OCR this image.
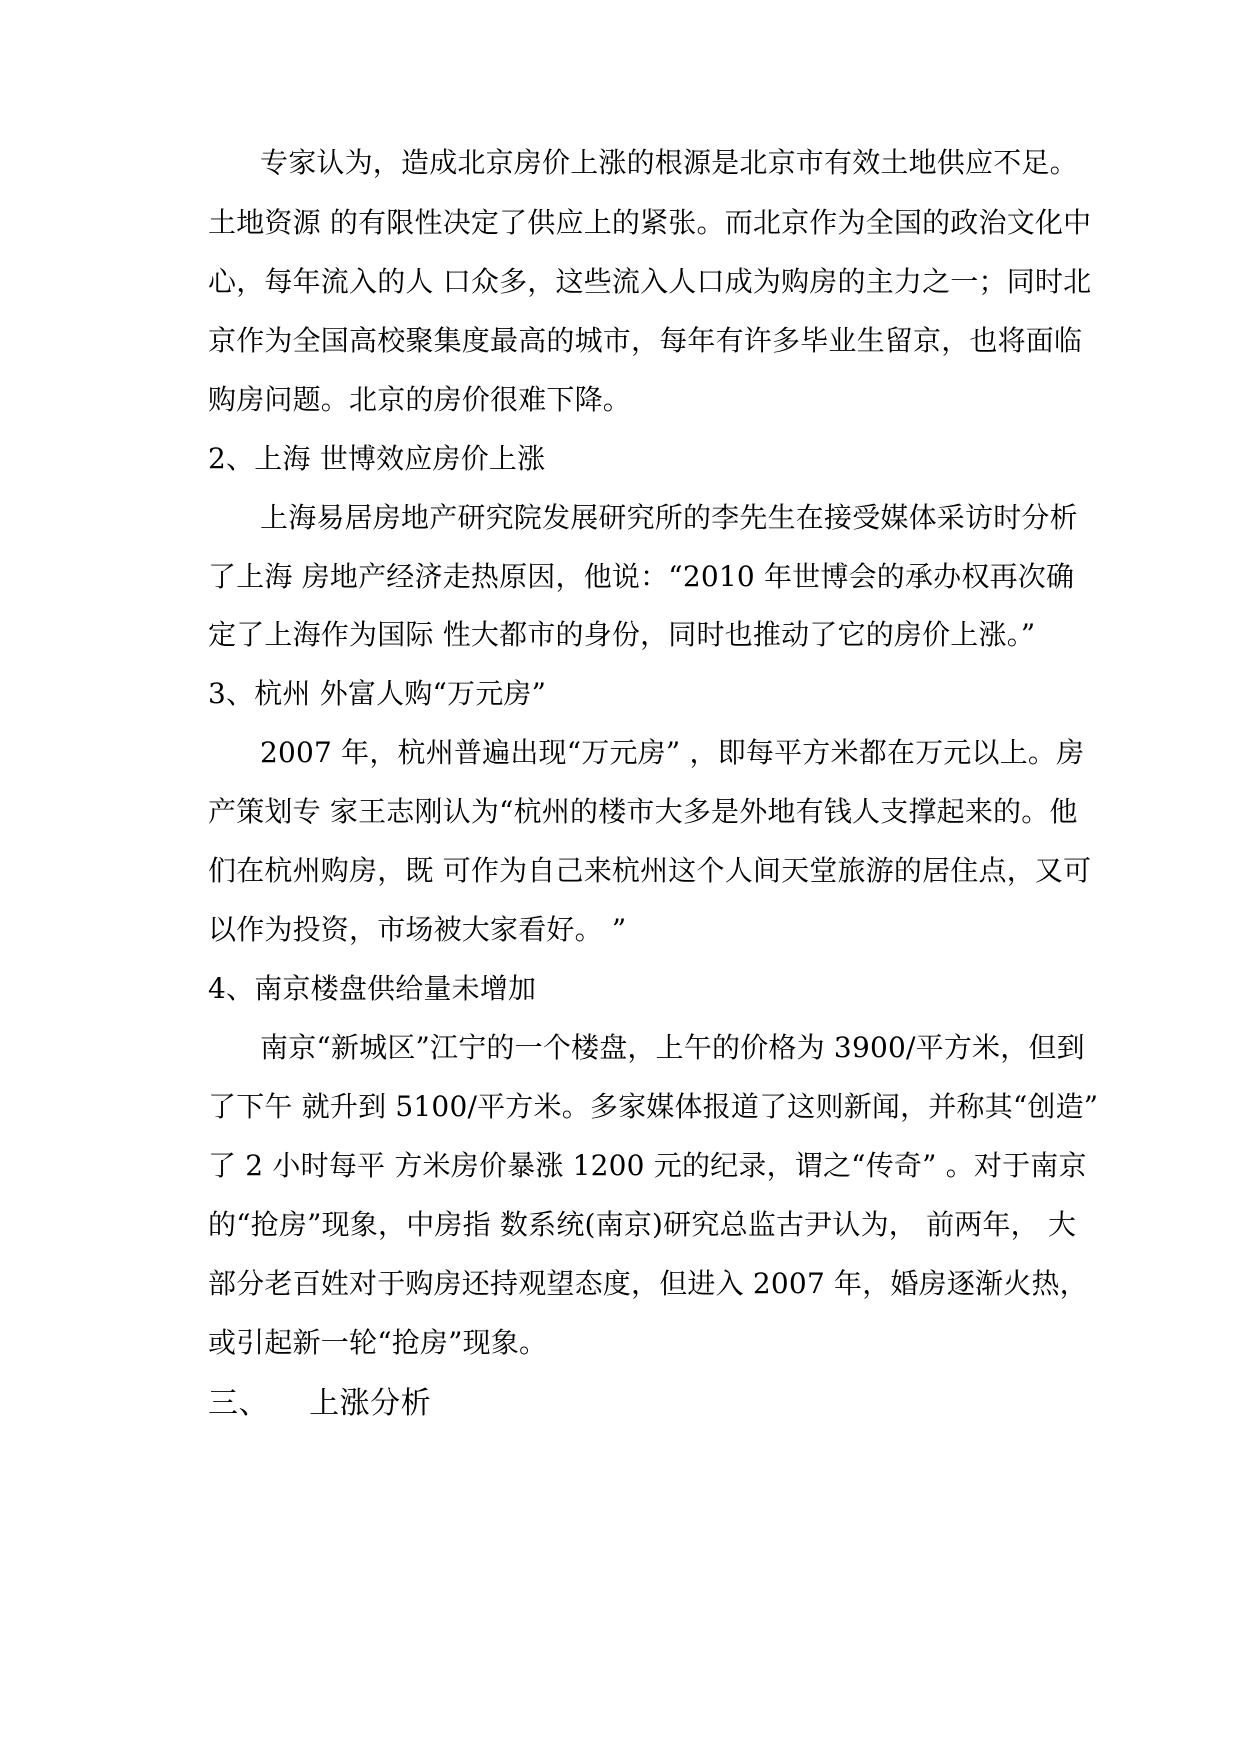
专家认为，造成北京房价上涨的根源是北京市有效土地供应不足。
土地资源 的有限性决定了供应上的紧张。而北京作为全国的政治文化中
心，每年流入的人 口众多，这些流入人口成为购房的主力之一；同时北
京作为全国高校聚集度最高的城市，每年有许多毕业生留京，也将面临
购房问题。北京的房价很难下降。
2、上海 世博效应房价上涨
上海易居房地产研究院发展研究所的李先生在接受媒体采访时分析
了上海 房地产经济走热原因，他说：“2010 年世博会的承办权再次确
定了上海作为国际 性大都市的身份，同时也推动了它的房价上涨。”
3、杭州 外富人购“万元房”
2007 年，杭州普遍出现“万元房” ，即每平方米都在万元以上。房
产策划专 家王志刚认为“杭州的楼市大多是外地有钱人支撑起来的。他
们在杭州购房，既 可作为自己来杭州这个人间天堂旅游的居住点，又可
以作为投资，市场被大家看好。 ”
4、南京楼盘供给量未增加
南京“新城区”江宁的一个楼盘，上午的价格为 3900/平方米，但到
了下午 就升到 5100/平方米。多家媒体报道了这则新闻，并称其“创造”
了 2 小时每平 方米房价暴涨 1200 元的纪录，谓之“传奇” 。对于南京
的“抢房”现象，中房指 数系统(南京)研究总监古尹认为， 前两年， 大
部分老百姓对于购房还持观望态度，但进入 2007 年，婚房逐渐火热，
或引起新一轮“抢房”现象。
三、    上涨分析
